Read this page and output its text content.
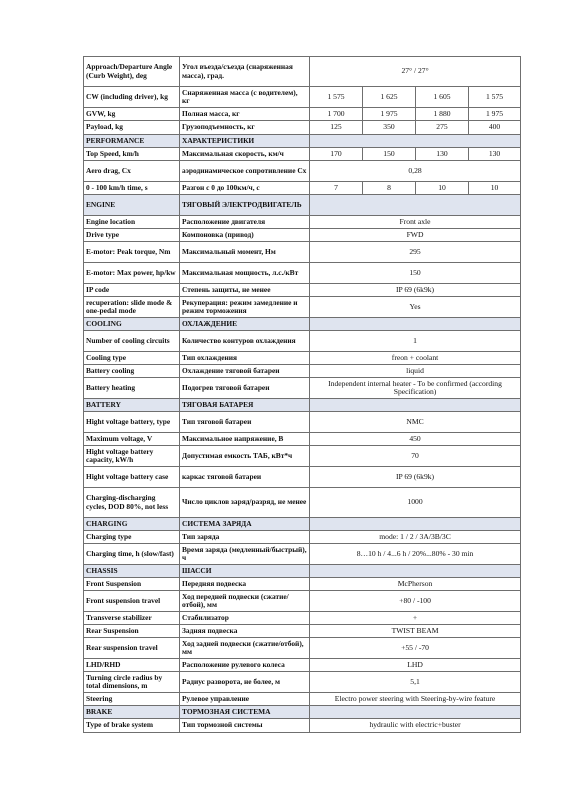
Approach/Departure Angle (Curb Weight), deg	Угол въезда/съезда (снаряженная масса), град.	27° / 27°			
CW (including driver), kg	Снаряженная масса (с водителем), кг	1 575	1 625	1 605	1 575
GVW, kg	Полная масса, кг	1 700	1 975	1 880	1 975
Payload, kg	Грузоподъемность, кг	125	350	275	400
PERFORMANCE	ХАРАКТЕРИСТИКИ				
Top Speed, km/h	Максимальная скорость, км/ч	170	150	130	130
Aero drag, Cx	аэродинамическое сопротивление Cx	0,28			
0 - 100 km/h time, s	Разгон с 0 до 100км/ч, с	7	8	10	10
ENGINE	ТЯГОВЫЙ ЭЛЕКТРОДВИГАТЕЛЬ				
Engine location	Расположение двигателя	Front axle			
Drive type	Компоновка (привод)	FWD			
E-motor: Peak torque, Nm	Максимальный момент, Нм	295			
E-motor: Max power, hp/kw	Максимальная мощность, л.с./кВт	150			
IP code	Степень защиты, не менее	IP 69 (6k9k)			
recuperation: slide mode & one-pedal mode	Рекуперация: режим замедление и режим торможения	Yes			
COOLING	ОХЛАЖДЕНИЕ				
Number of cooling circuits	Количество контуров охлаждения	1			
Cooling type	Тип охлаждения	freon + coolant			
Battery cooling	Охлаждение тяговой батареи	liquid			
Battery heating	Подогрев тяговой батареи	Independent internal heater - To be confirmed (according Specification)			
BATTERY	ТЯГОВАЯ БАТАРЕЯ				
Hight voltage battery, type	Тип тяговой батареи	NMC			
Maximum voltage, V	Максимальное напряжение, В	450			
Hight voltage battery capacity, kW/h	Допустимая емкость ТАБ, кВт*ч	70			
Hight voltage battery case	каркас тяговой батареи	IP 69 (6k9k)			
Charging-discharging cycles, DOD 80%, not less	Число циклов заряд/разряд, не менее	1000			
CHARGING	СИСТЕМА ЗАРЯДА				
Charging type	Тип заряда	mode: 1 / 2 / 3A/3B/3C			
Charging time, h (slow/fast)	Время заряда (медленный/быстрый), ч	8…10 h / 4...6 h / 20%...80% - 30 min			
CHASSIS	ШАССИ				
Front Suspension	Передняя подвеска	McPherson			
Front suspension travel	Ход передней подвески (сжатие/отбой), мм	+80 / -100			
Transverse stabilizer	Стабилизатор	+			
Rear Suspension	Задняя подвеска	TWIST BEAM			
Rear suspension travel	Ход задней подвески (сжатие/отбой), мм	+55 / -70			
LHD/RHD	Расположение рулевого колеса	LHD			
Turning circle radius by total dimensions, m	Радиус разворота, не более, м	5,1			
Steering	Рулевое управление	Electro power steering with Steering-by-wire feature			
BRAKE	ТОРМОЗНАЯ СИСТЕМА				
Type of brake system	Тип тормозной системы	hydraulic with electric+buster			
